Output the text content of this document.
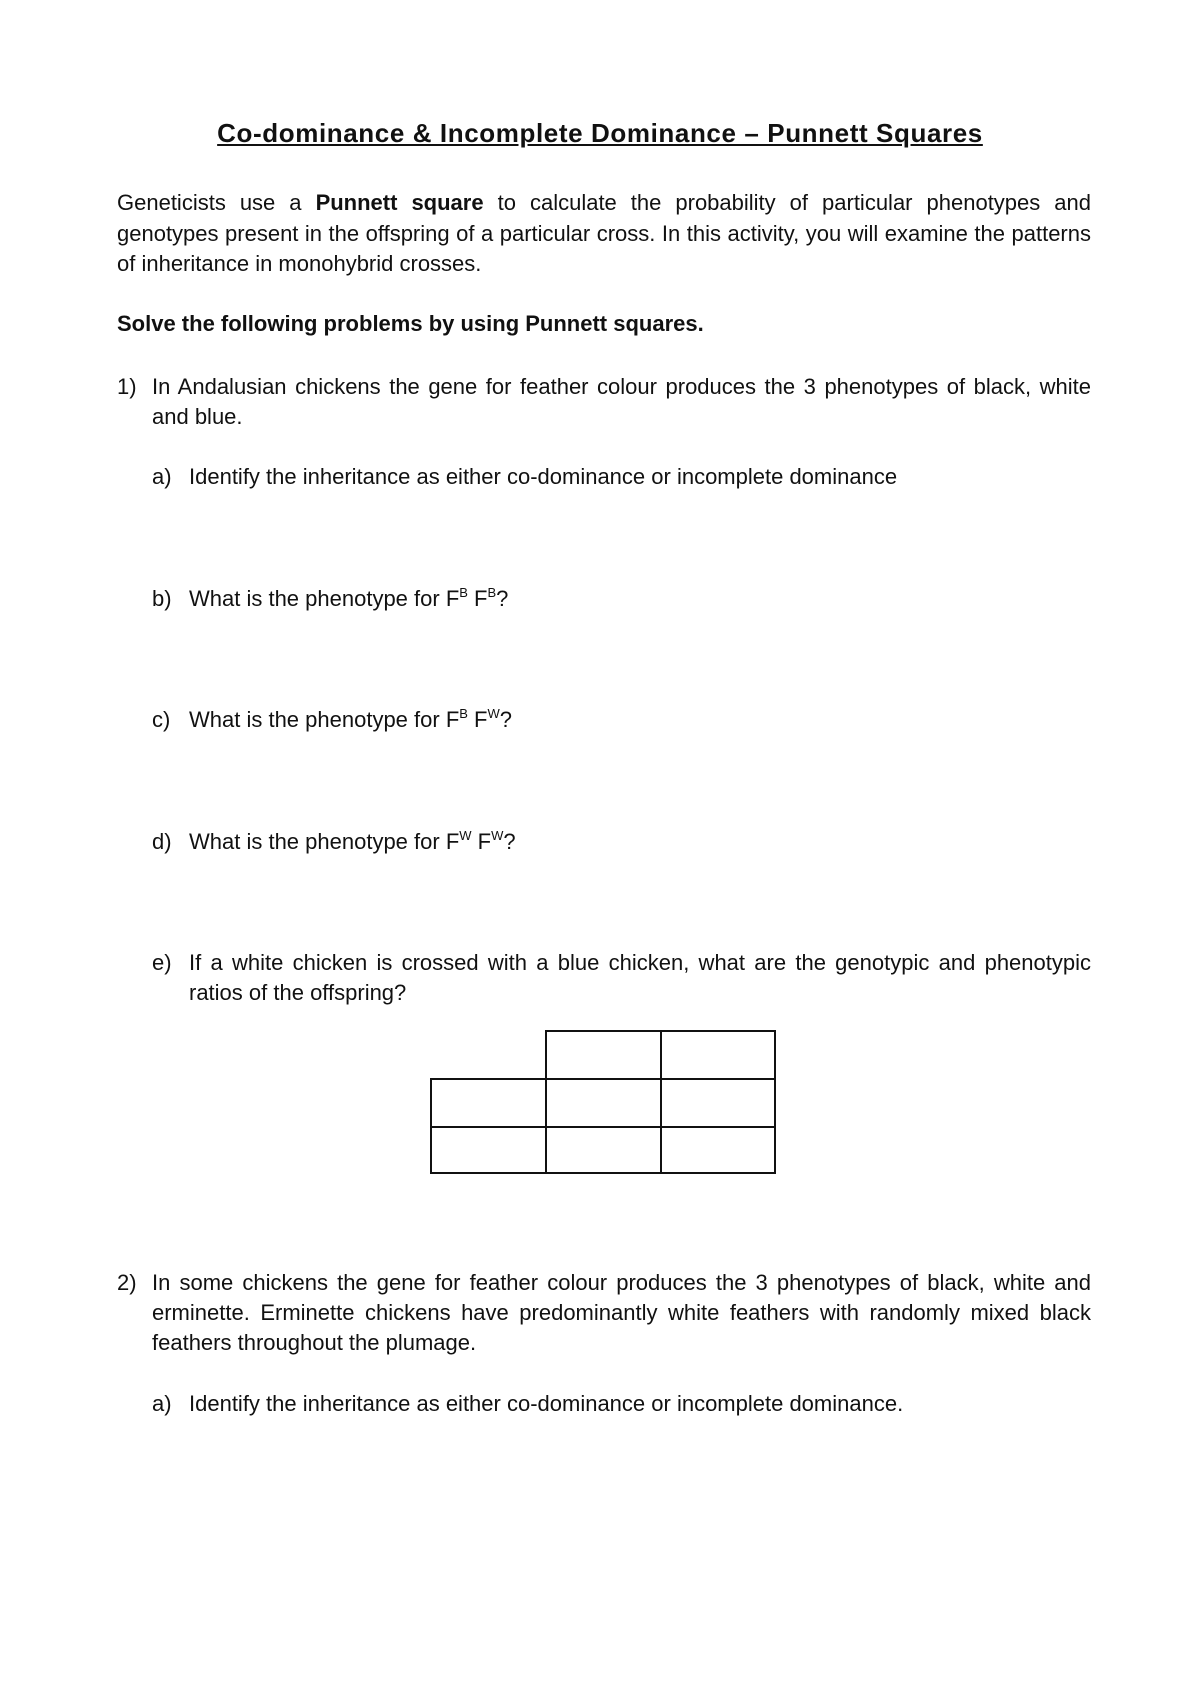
Co-dominance & Incomplete Dominance – Punnett Squares

Geneticists use a Punnett square to calculate the probability of particular phenotypes and genotypes present in the offspring of a particular cross. In this activity, you will examine the patterns of inheritance in monohybrid crosses.

Solve the following problems by using Punnett squares.

1) In Andalusian chickens the gene for feather colour produces the 3 phenotypes of black, white and blue.
a) Identify the inheritance as either co-dominance or incomplete dominance
b) What is the phenotype for $F^B$ $F^B$?
c) What is the phenotype for $F^B$ $F^W$?
d) What is the phenotype for $F^W$ $F^W$?
e) If a white chicken is crossed with a blue chicken, what are the genotypic and phenotypic ratios of the offspring?
2) In some chickens the gene for feather colour produces the 3 phenotypes of black, white and erminette. Erminette chickens have predominantly white feathers with randomly mixed black feathers throughout the plumage.
a) Identify the inheritance as either co-dominance or incomplete dominance.
